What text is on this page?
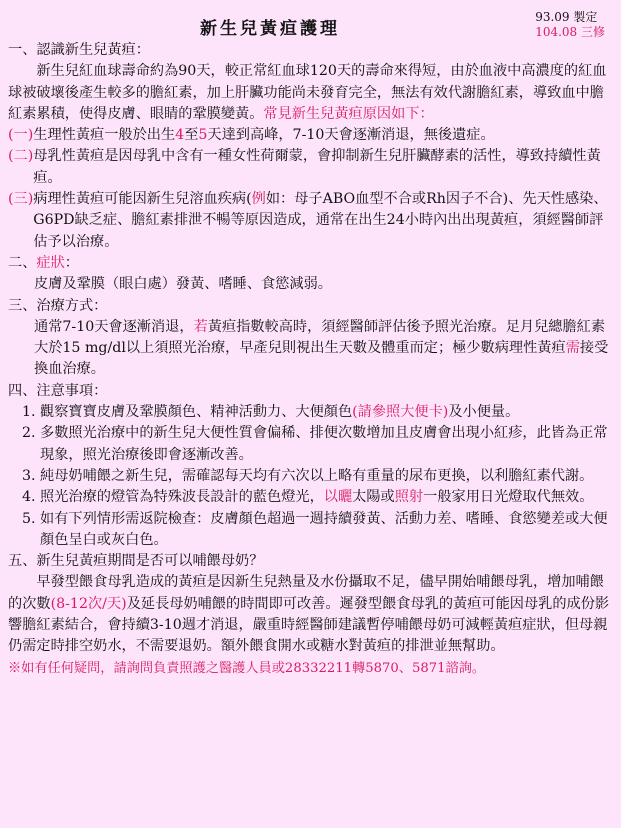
新生兒黃疸護理
93.09 製定
104.08 三修

一、認識新生兒黃疸：

新生兒紅血球壽命約為90天，較正常紅血球120天的壽命來得短，由於血液中高濃度的紅血球被破壞後產生較多的膽紅素，加上肝臟功能尚未發育完全，無法有效代謝膽紅素，導致血中膽紅素累積，使得皮膚、眼睛的鞏膜變黃。常見新生兒黃疸原因如下：

(一) 生理性黃疸一般於出生4至5天達到高峰，7-10天會逐漸消退，無後遺症。
(二) 母乳性黃疸是因母乳中含有一種女性荷爾蒙，會抑制新生兒肝臟酵素的活性，導致持續性黃疸。
(三) 病理性黃疸可能因新生兒溶血疾病(例如：母子ABO血型不合或Rh因子不合)、先天性感染、G6PD缺乏症、膽紅素排泄不暢等原因造成，通常在出生24小時內出出現黃疸，須經醫師評估予以治療。

二、症狀：

皮膚及鞏膜（眼白處）發黃、嗜睡、食慾減弱。

三、治療方式：

通常7-10天會逐漸消退，若黃疸指數較高時，須經醫師評估後予照光治療。足月兒總膽紅素大於15 mg/dl以上須照光治療，早產兒則視出生天數及體重而定；極少數病理性黃疸需接受換血治療。

四、注意事項：

1. 觀察寶寶皮膚及鞏膜顏色、精神活動力、大便顏色(請參照大便卡)及小便量。
2. 多數照光治療中的新生兒大便性質會偏稀、排便次數增加且皮膚會出現小紅疹，此皆為正常現象，照光治療後即會逐漸改善。
3. 純母奶哺餵之新生兒，需確認每天均有六次以上略有重量的尿布更換，以利膽紅素代謝。
4. 照光治療的燈管為特殊波長設計的藍色燈光，以曬太陽或照射一般家用日光燈取代無效。
5. 如有下列情形需返院檢查：皮膚顏色超過一週持續發黃、活動力差、嗜睡、食慾變差或大便顏色呈白或灰白色。

五、新生兒黃疸期間是否可以哺餵母奶？

早發型餵食母乳造成的黃疸是因新生兒熱量及水份攝取不足，儘早開始哺餵母乳，增加哺餵的次數(8-12次/天)及延長母奶哺餵的時間即可改善。遲發型餵食母乳的黃疸可能因母乳的成份影響膽紅素結合，會持續3-10週才消退，嚴重時經醫師建議暫停哺餵母奶可減輕黃疸症狀，但母親仍需定時排空奶水，不需要退奶。額外餵食開水或糖水對黃疸的排泄並無幫助。

※如有任何疑問，請詢問負責照護之醫護人員或28332211轉5870、5871諮詢。
